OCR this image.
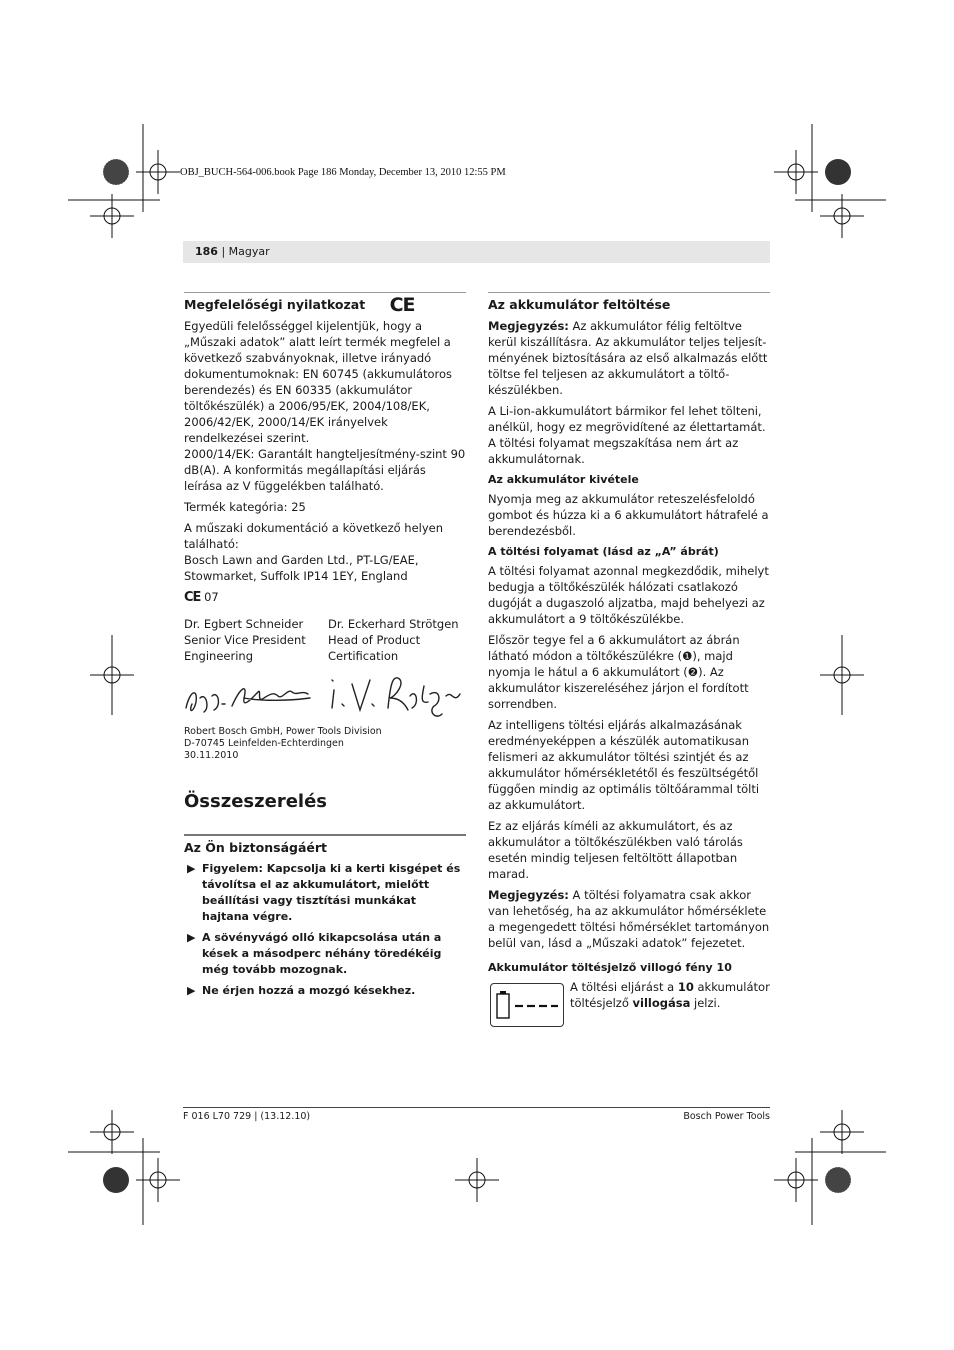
OBJ_BUCH-564-006.book Page 186 Monday, December 13, 2010 12:55 PM
186 | Magyar
Megfelelőségi nyilatkozat CE

Egyedüli felelősséggel kijelentjük, hogy a „Műszaki adatok” alatt leírt termék megfelel a következő szabványoknak, illetve irányadó dokumentumoknak: EN 60745 (akkumulátoros berendezés) és EN 60335 (akkumulátor töltőkészülék) a 2006/95/EK, 2004/108/EK, 2006/42/EK, 2000/14/EK irányelvek rendelkezései szerint.

2000/14/EK: Garantált hangteljesítmény-szint 90 dB(A). A konformitás megállapítási eljárás leírása az V függelékben található.

Termék kategória: 25

A műszaki dokumentáció a következő helyen található:

Bosch Lawn and Garden Ltd., PT-LG/EAE, Stowmarket, Suffolk IP14 1EY, England

CE 07

Dr. Egbert Schneider
Senior Vice President
Engineering
Dr. Eckerhard Strötgen
Head of Product
Certification
Robert Bosch GmbH, Power Tools Division
D-70745 Leinfelden-Echterdingen
30.11.2010
Összeszerelés
Az Ön biztonságáért
▶ Figyelem: Kapcsolja ki a kerti kisgépet és távolítsa el az akkumulátort, mielőtt beállítási vagy tisztítási munkákat hajtana végre.
▶ A sövényvágó olló kikapcsolása után a kések a másodperc néhány töredékéig még tovább mozognak.
▶ Ne érjen hozzá a mozgó késekhez.
Az akkumulátor feltöltése

Megjegyzés: Az akkumulátor félig feltöltve kerül kiszállításra. Az akkumulátor teljes teljesít-ményének biztosítására az első alkalmazás előtt töltse fel teljesen az akkumulátort a töltő-készülékben.

A Li-ion-akkumulátort bármikor fel lehet tölteni, anélkül, hogy ez megrövidítené az élettartamát. A töltési folyamat megszakítása nem árt az akkumulátornak.

Az akkumulátor kivétele

Nyomja meg az akkumulátor reteszelésfeloldó gombot és húzza ki a 6 akkumulátort hátrafelé a berendezésből.

A töltési folyamat (lásd az „A” ábrát)

A töltési folyamat azonnal megkezdődik, mihelyt bedugja a töltőkészülék hálózati csatlakozó dugóját a dugaszoló aljzatba, majd behelyezi az akkumulátort a 9 töltőkészülékbe.

Először tegye fel a 6 akkumulátort az ábrán látható módon a töltőkészülékre (❶), majd nyomja le hátul a 6 akkumulátort (❷). Az akkumulátor kiszereléséhez járjon el fordított sorrendben.

Az intelligens töltési eljárás alkalmazásának eredményeképpen a készülék automatikusan felismeri az akkumulátor töltési szintjét és az akkumulátor hőmérsékletétől és feszültségétől függően mindig az optimális töltőárammal tölti az akkumulátort.

Ez az eljárás kíméli az akkumulátort, és az akkumulátor a töltőkészülékben való tárolás esetén mindig teljesen feltöltött állapotban marad.

Megjegyzés: A töltési folyamatra csak akkor van lehetőség, ha az akkumulátor hőmérséklete a megengedett töltési hőmérséklet tartományon belül van, lásd a „Műszaki adatok” fejezetet.

Akkumulátor töltésjelző villogó fény 10
A töltési eljárást a 10 akkumulátor töltésjelző villogása jelzi.
F 016 L70 729 | (13.12.10)	Bosch Power Tools
